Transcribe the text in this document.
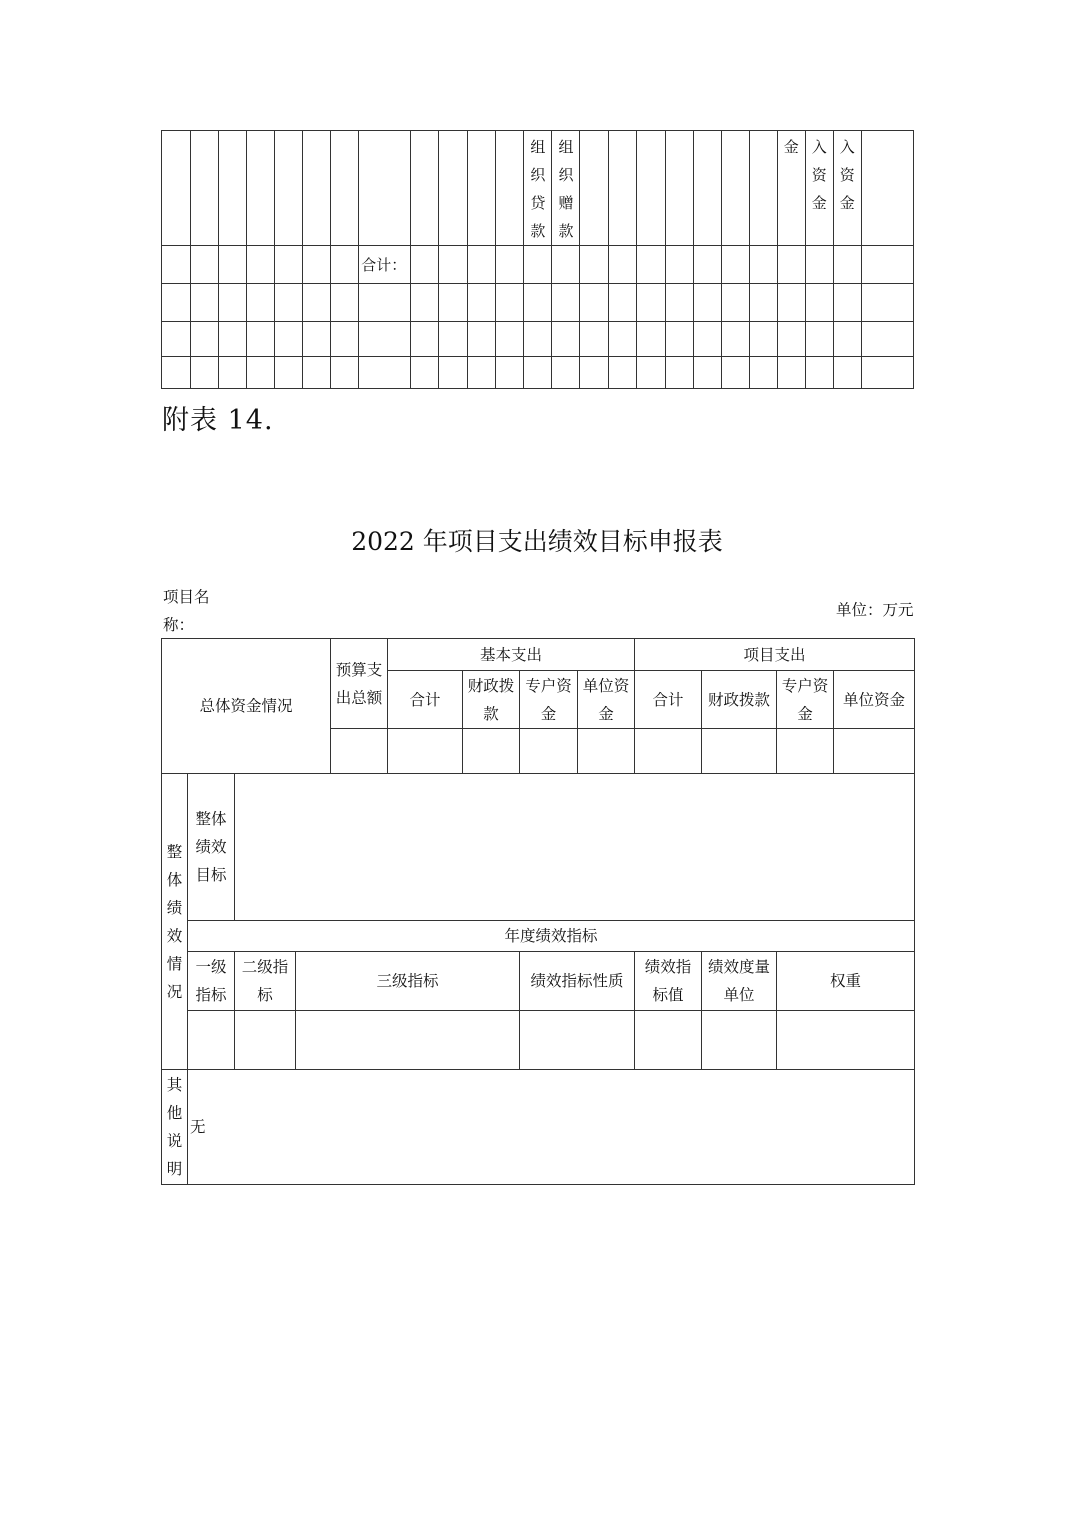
												组织贷款	组织赠款								金	入资金	入资金	

							合计：																	

附表 14.
2022 年项目支出绩效目标申报表
项目名称：
单位：万元
总体资金情况				预算支出总额	基本支出				项目支出			
					合计	财政拨款	专户资金	单位资金	合计	财政拨款	专户资金	单位资金

整体绩效情况	整体绩效目标											

	年度绩效指标											

	一级指标	二级指标	三级指标				绩效指标性质		绩效指标值	绩效度量单位	权重	

其他说明	无											
